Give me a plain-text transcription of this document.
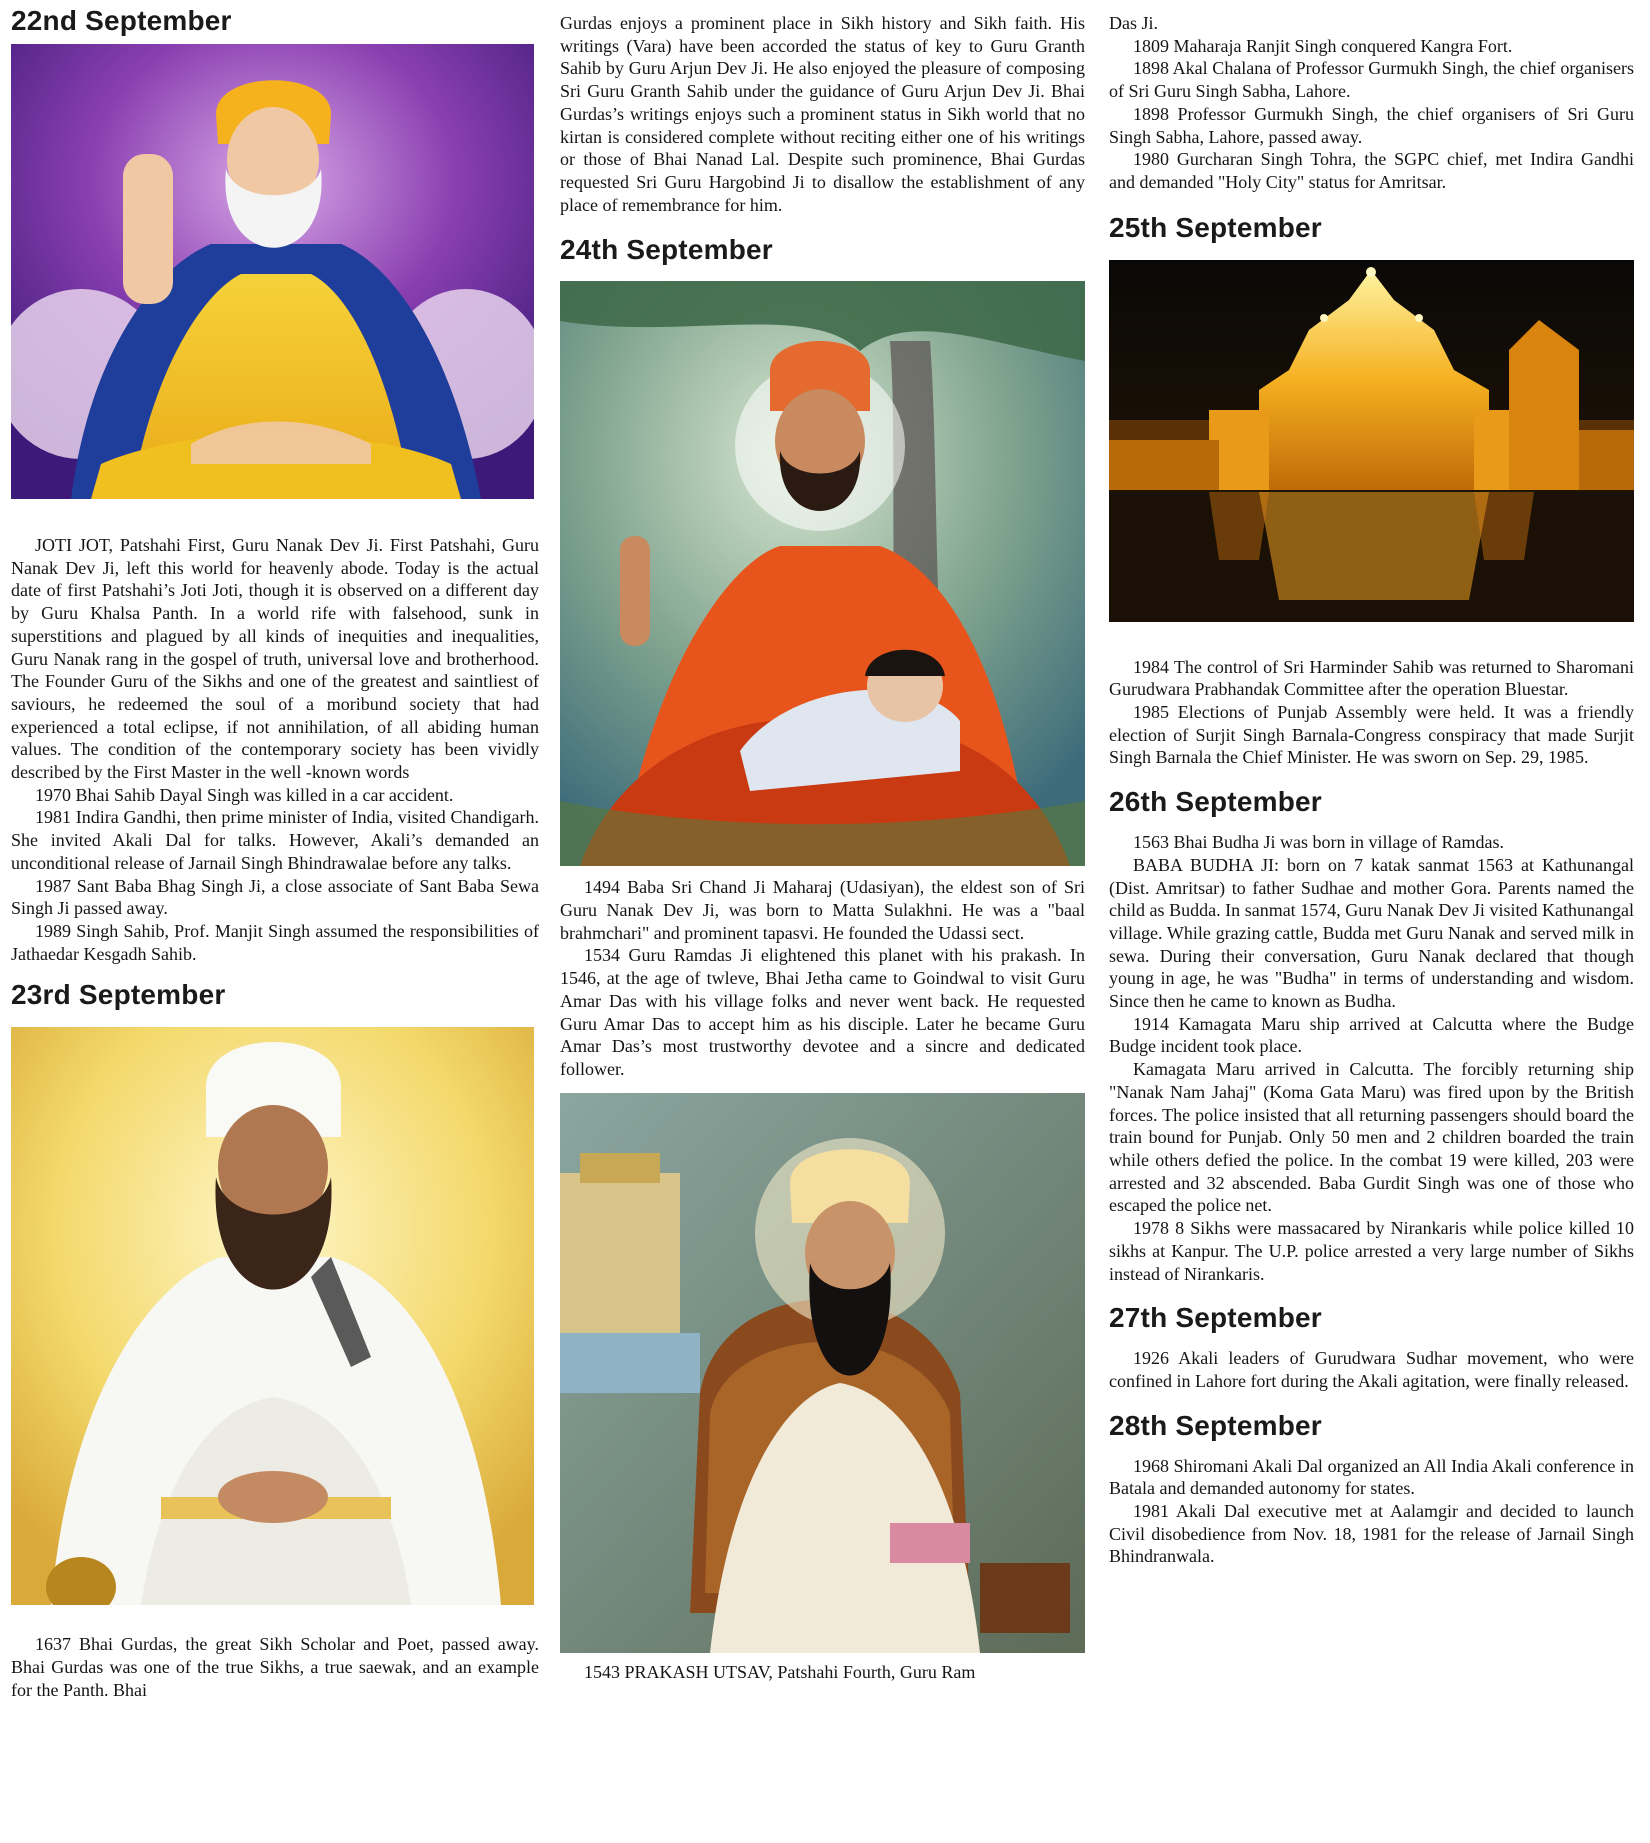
22nd September

JOTI JOT, Patshahi First, Guru Nanak Dev Ji. First Patshahi, Guru Nanak Dev Ji, left this world for heavenly abode. Today is the actual date of first Patshahi’s Joti Joti, though it is observed on a different day by Guru Khalsa Panth. In a world rife with falsehood, sunk in superstitions and plagued by all kinds of inequities and inequalities, Guru Nanak rang in the gospel of truth, universal love and brotherhood. The Founder Guru of the Sikhs and one of the greatest and saintliest of saviours, he redeemed the soul of a moribund society that had experienced a total eclipse, if not annihilation, of all abiding human values. The condition of the contemporary society has been vividly described by the First Master in the well -known words

1970 Bhai Sahib Dayal Singh was killed in a car accident.

1981 Indira Gandhi, then prime minister of India, visited Chandigarh. She invited Akali Dal for talks. However, Akali’s demanded an unconditional release of Jarnail Singh Bhindrawalae before any talks.

1987 Sant Baba Bhag Singh Ji, a close associate of Sant Baba Sewa Singh Ji passed away.

1989 Singh Sahib, Prof. Manjit Singh assumed the responsibilities of Jathaedar Kesgadh Sahib.

23rd September

1637 Bhai Gurdas, the great Sikh Scholar and Poet, passed away. Bhai Gurdas was one of the true Sikhs, a true saewak, and an example for the Panth. Bhai

Gurdas enjoys a prominent place in Sikh history and Sikh faith. His writings (Vara) have been accorded the status of key to Guru Granth Sahib by Guru Arjun Dev Ji. He also enjoyed the pleasure of composing Sri Guru Granth Sahib under the guidance of Guru Arjun Dev Ji. Bhai Gurdas’s writings enjoys such a prominent status in Sikh world that no kirtan is considered complete without reciting either one of his writings or those of Bhai Nanad Lal. Despite such prominence, Bhai Gurdas requested Sri Guru Hargobind Ji to disallow the establishment of any place of remembrance for him.

24th September

1494 Baba Sri Chand Ji Maharaj (Udasiyan), the eldest son of Sri Guru Nanak Dev Ji, was born to Matta Sulakhni. He was a "baal brahmchari" and prominent tapasvi. He founded the Udassi sect.

1534 Guru Ramdas Ji elightened this planet with his prakash. In 1546, at the age of twleve, Bhai Jetha came to Goindwal to visit Guru Amar Das with his village folks and never went back. He requested Guru Amar Das to accept him as his disciple. Later he became Guru Amar Das’s most trustworthy devotee and a sincre and dedicated follower.

1543 PRAKASH UTSAV, Patshahi Fourth, Guru Ram

Das Ji.

1809 Maharaja Ranjit Singh conquered Kangra Fort.

1898 Akal Chalana of Professor Gurmukh Singh, the chief organisers of Sri Guru Singh Sabha, Lahore.

1898 Professor Gurmukh Singh, the chief organisers of Sri Guru Singh Sabha, Lahore, passed away.

1980 Gurcharan Singh Tohra, the SGPC chief, met Indira Gandhi and demanded "Holy City" status for Amritsar.

25th September

1984 The control of Sri Harminder Sahib was returned to Sharomani Gurudwara Prabhandak Committee after the operation Bluestar.

1985 Elections of Punjab Assembly were held. It was a friendly election of Surjit Singh Barnala-Congress conspiracy that made Surjit Singh Barnala the Chief Minister. He was sworn on Sep. 29, 1985.

26th September

1563 Bhai Budha Ji was born in village of Ramdas.

BABA BUDHA JI: born on 7 katak sanmat 1563 at Kathunangal (Dist. Amritsar) to father Sudhae and mother Gora. Parents named the child as Budda. In sanmat 1574, Guru Nanak Dev Ji visited Kathunangal village. While grazing cattle, Budda met Guru Nanak and served milk in sewa. During their conversation, Guru Nanak declared that though young in age, he was "Budha" in terms of understanding and wisdom. Since then he came to known as Budha.

1914 Kamagata Maru ship arrived at Calcutta where the Budge Budge incident took place.

Kamagata Maru arrived in Calcutta. The forcibly returning ship "Nanak Nam Jahaj" (Koma Gata Maru) was fired upon by the British forces. The police insisted that all returning passengers should board the train bound for Punjab. Only 50 men and 2 children boarded the train while others defied the police. In the combat 19 were killed, 203 were arrested and 32 abscended. Baba Gurdit Singh was one of those who escaped the police net.

1978 8 Sikhs were massacared by Nirankaris while police killed 10 sikhs at Kanpur. The U.P. police arrested a very large number of Sikhs instead of Nirankaris.

27th September

1926 Akali leaders of Gurudwara Sudhar movement, who were confined in Lahore fort during the Akali agitation, were finally released.

28th September

1968 Shiromani Akali Dal organized an All India Akali conference in Batala and demanded autonomy for states.

1981 Akali Dal executive met at Aalamgir and decided to launch Civil disobedience from Nov. 18, 1981 for the release of Jarnail Singh Bhindranwala.
